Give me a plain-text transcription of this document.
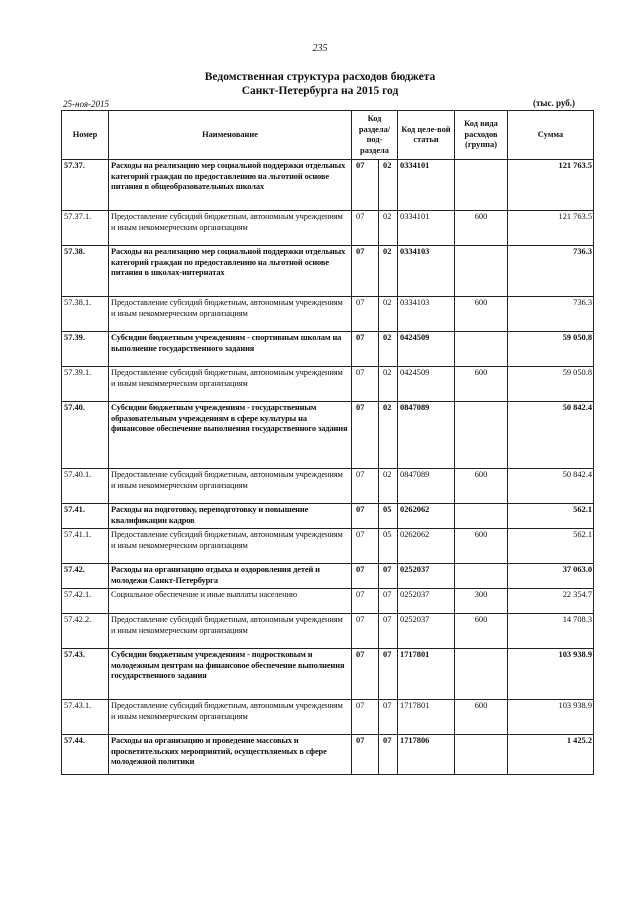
235
Ведомственная структура расходов бюджета
Санкт-Петербурга на 2015 год
25-ноя-2015	(тыс. руб.)
Номер	Наименование	Код раздела/ под-раздела		Код целе-вой статьи	Код вида расходов (группа)	Сумма
57.37.	Расходы на реализацию мер социальной поддержки отдельных категорий граждан по предоставлению на льготной основе питания в общеобразовательных школах	07	02	0334101		121 763.5
57.37.1.	Предоставление субсидий бюджетным, автономным учреждениям и иным некоммерческим организациям	07	02	0334101	600	121 763.5
57.38.	Расходы на реализацию мер социальной поддержки отдельных категорий граждан по предоставлению на льготной основе питания в школах-интернатах	07	02	0334103		736.3
57.38.1.	Предоставление субсидий бюджетным, автономным учреждениям и иным некоммерческим организациям	07	02	0334103	600	736.3
57.39.	Субсидии бюджетным учреждениям - спортивным школам на выполнение государственного задания	07	02	0424509		59 050.8
57.39.1.	Предоставление субсидий бюджетным, автономным учреждениям и иным некоммерческим организациям	07	02	0424509	600	59 050.8
57.40.	Субсидии бюджетным учреждениям - государственным образовательным учреждениям в сфере культуры на финансовое обеспечение выполнения государственного задания	07	02	0847089		50 842.4
57.40.1.	Предоставление субсидий бюджетным, автономным учреждениям и иным некоммерческим организациям	07	02	0847089	600	50 842.4
57.41.	Расходы на подготовку, переподготовку и повышение квалификации кадров	07	05	0262062		562.1
57.41.1.	Предоставление субсидий бюджетным, автономным учреждениям и иным некоммерческим организациям	07	05	0262062	600	562.1
57.42.	Расходы на организацию отдыха и оздоровления детей и молодежи Санкт-Петербурга	07	07	0252037		37 063.0
57.42.1.	Социальное обеспечение и иные выплаты населению	07	07	0252037	300	22 354.7
57.42.2.	Предоставление субсидий бюджетным, автономным учреждениям и иным некоммерческим организациям	07	07	0252037	600	14 708.3
57.43.	Субсидии бюджетным учреждениям - подростковым и молодежным центрам на финансовое обеспечение выполнения государственного задания	07	07	1717801		103 938.9
57.43.1.	Предоставление субсидий бюджетным, автономным учреждениям и иным некоммерческим организациям	07	07	1717801	600	103 938.9
57.44.	Расходы на организацию и проведение массовых и просветительских мероприятий, осуществляемых в сфере молодежной политики	07	07	1717806		1 425.2
